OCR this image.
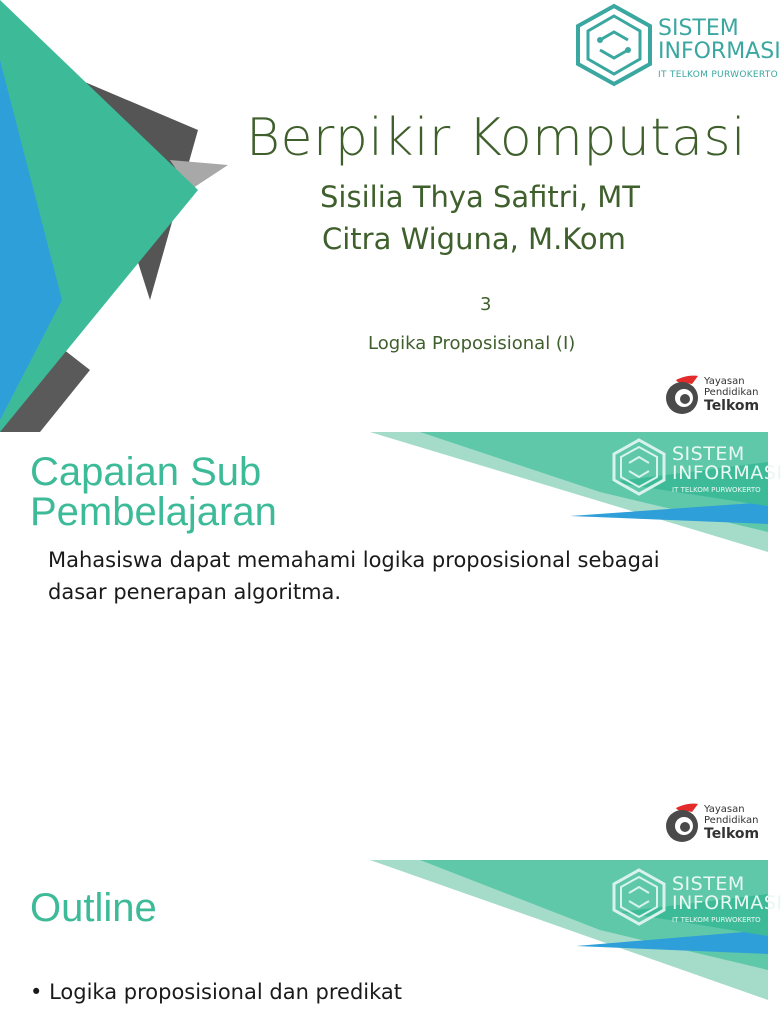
SISTEM
INFORMASI
IT TELKOM PURWOKERTO
Berpikir Komputasi
Sisilia Thya Safitri, MT
Citra Wiguna, M.Kom
3
Logika Proposisional (I)
Yayasan
Pendidikan
Telkom
SISTEM
INFORMASI
IT TELKOM PURWOKERTO
Capaian Sub
Pembelajaran
Mahasiswa dapat memahami logika proposisional sebagai dasar penerapan algoritma.
Yayasan
Pendidikan
Telkom
SISTEM
INFORMASI
IT TELKOM PURWOKERTO
Outline
• Logika proposisional dan predikat
